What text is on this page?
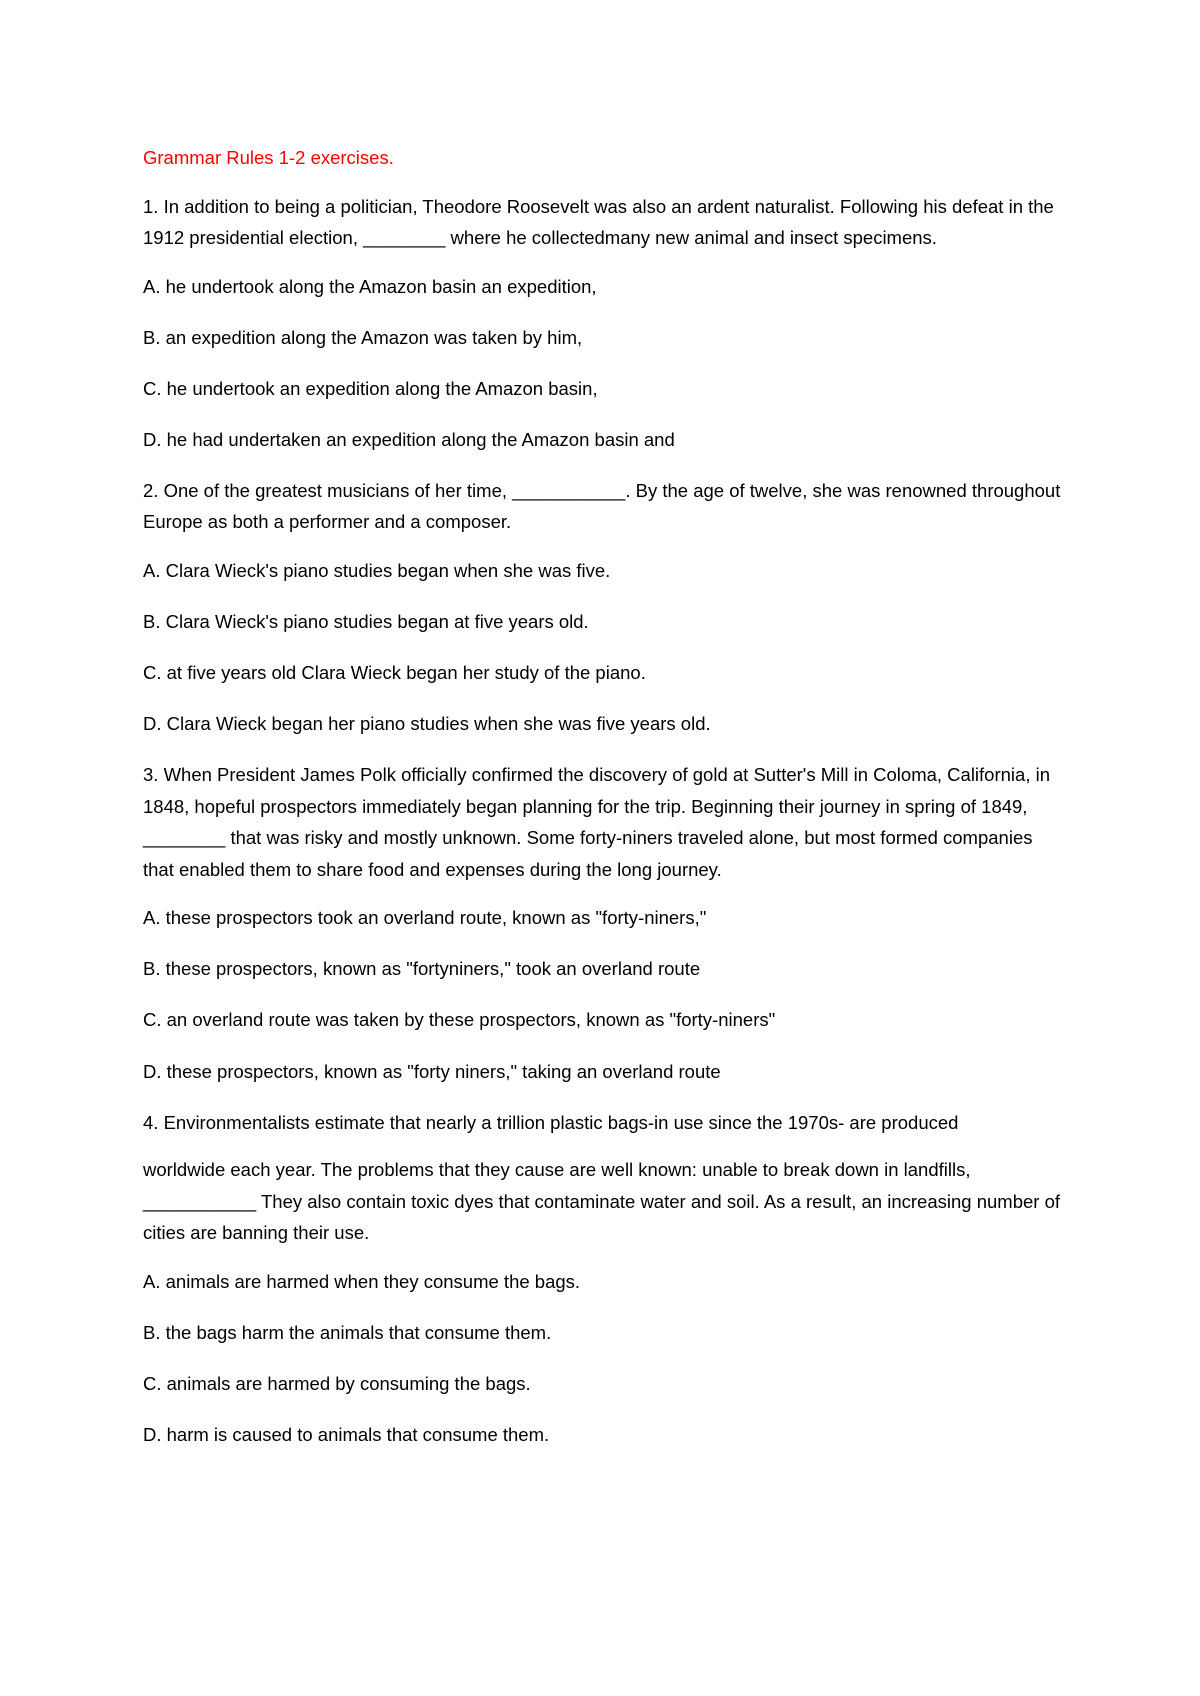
Grammar Rules 1-2 exercises.

1. In addition to being a politician, Theodore Roosevelt was also an ardent naturalist. Following his defeat in the 1912 presidential election, ________ where he collectedmany new animal and insect specimens.

A. he undertook along the Amazon basin an expedition,

B. an expedition along the Amazon was taken by him,

C. he undertook an expedition along the Amazon basin,

D. he had undertaken an expedition along the Amazon basin and

2. One of the greatest musicians of her time, ___________. By the age of twelve, she was renowned throughout Europe as both a performer and a composer.

A. Clara Wieck's piano studies began when she was five.

B. Clara Wieck's piano studies began at five years old.

C. at five years old Clara Wieck began her study of the piano.

D. Clara Wieck began her piano studies when she was five years old.

3. When President James Polk officially confirmed the discovery of gold at Sutter's Mill in Coloma, California, in 1848, hopeful prospectors immediately began planning for the trip. Beginning their journey in spring of 1849, ________ that was risky and mostly unknown. Some forty-niners traveled alone, but most formed companies that enabled them to share food and expenses during the long journey.

A. these prospectors took an overland route, known as "forty-niners,"

B. these prospectors, known as "fortyniners," took an overland route

C. an overland route was taken by these prospectors, known as "forty-niners"

D. these prospectors, known as "forty niners," taking an overland route

4. Environmentalists estimate that nearly a trillion plastic bags-in use since the 1970s- are produced

worldwide each year. The problems that they cause are well known: unable to break down in landfills, ___________ They also contain toxic dyes that contaminate water and soil. As a result, an increasing number of cities are banning their use.

A. animals are harmed when they consume the bags.

B. the bags harm the animals that consume them.

C. animals are harmed by consuming the bags.

D. harm is caused to animals that consume them.
